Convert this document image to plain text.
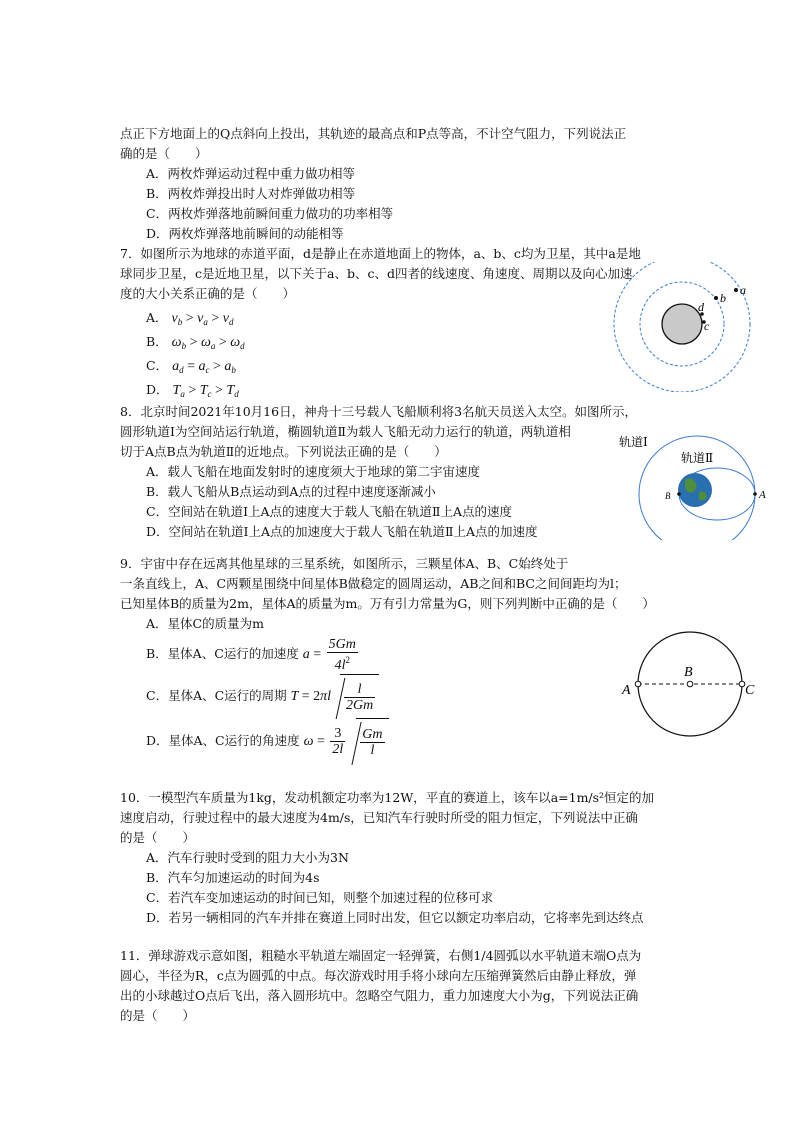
点正下方地面上的Q点斜向上投出，其轨迹的最高点和P点等高，不计空气阻力，下列说法正
确的是（　　）
A．两枚炸弹运动过程中重力做功相等
B．两枚炸弹投出时人对炸弹做功相等
C．两枚炸弹落地前瞬间重力做功的功率相等
D．两枚炸弹落地前瞬间的动能相等
7．如图所示为地球的赤道平面，d是静止在赤道地面上的物体，a、b、c均为卫星，其中a是地
球同步卫星，c是近地卫星，以下关于a、b、c、d四者的线速度、角速度、周期以及向心加速
度的大小关系正确的是（　　）
A． $v_b > v_a > v_d$
B． $\omega_b > \omega_a > \omega_d$
C． $a_d = a_c > a_b$
D． $T_a > T_c > T_d$
a
b
d
c
8．北京时间2021年10月16日，神舟十三号载人飞船顺利将3名航天员送入太空。如图所示，
圆形轨道Ⅰ为空间站运行轨道，椭圆轨道Ⅱ为载人飞船无动力运行的轨道，两轨道相
切于A点B点为轨道Ⅱ的近地点。下列说法正确的是（　　）
A．载人飞船在地面发射时的速度须大于地球的第二宇宙速度
B．载人飞船从B点运动到A点的过程中速度逐渐减小
C．空间站在轨道Ⅰ上A点的速度大于载人飞船在轨道Ⅱ上A点的速度
D．空间站在轨道Ⅰ上A点的加速度大于载人飞船在轨道Ⅱ上A点的加速度
轨道Ⅰ
轨道Ⅱ
B	A
9．宇宙中存在远离其他星球的三星系统，如图所示，三颗星体A、B、C始终处于
一条直线上，A、C两颗星围绕中间星体B做稳定的圆周运动，AB之间和BC之间间距均为l；
已知星体B的质量为2m，星体A的质量为m。万有引力常量为G，则下列判断中正确的是（　　）
A．星体C的质量为m
B．星体A、C运行的加速度 $a = \frac{5Gm}{4l^2}$
C．星体A、C运行的周期 $T = 2\pi l \frac{l}{2Gm}$
D．星体A、C运行的角速度 $\omega = \frac{3}{2l} \frac{Gm}{l}$
A
B
C
10．一模型汽车质量为1kg，发动机额定功率为12W，平直的赛道上，该车以a=1m/s²恒定的加
速度启动，行驶过程中的最大速度为4m/s，已知汽车行驶时所受的阻力恒定，下列说法中正确
的是（　　）
A．汽车行驶时受到的阻力大小为3N
B．汽车匀加速运动的时间为4s
C．若汽车变加速运动的时间已知，则整个加速过程的位移可求
D．若另一辆相同的汽车并排在赛道上同时出发，但它以额定功率启动，它将率先到达终点
11．弹球游戏示意如图，粗糙水平轨道左端固定一轻弹簧，右侧1/4圆弧以水平轨道末端O点为
圆心，半径为R，c点为圆弧的中点。每次游戏时用手将小球向左压缩弹簧然后由静止释放，弹
出的小球越过O点后飞出，落入圆形坑中。忽略空气阻力，重力加速度大小为g，下列说法正确
的是（　　）
